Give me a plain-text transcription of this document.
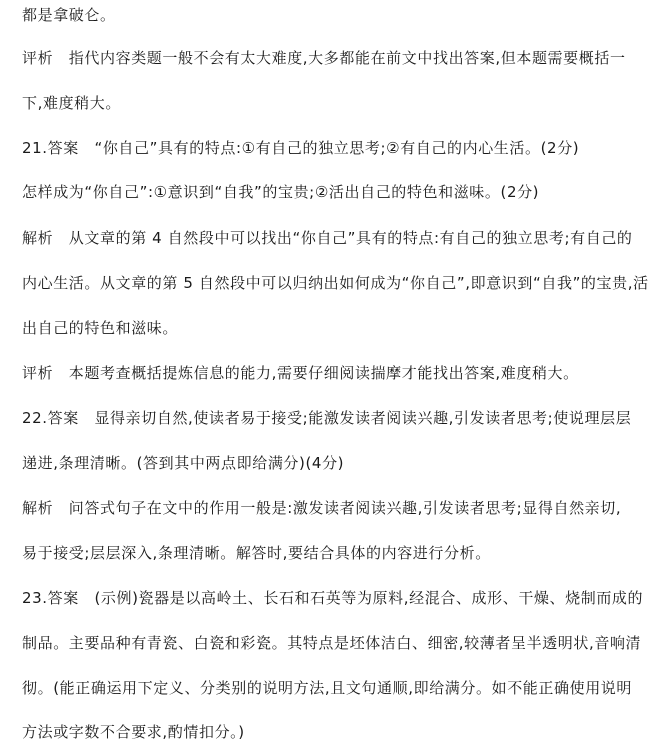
都是拿破仑。
评析　指代内容类题一般不会有太大难度,大多都能在前文中找出答案,但本题需要概括一
下,难度稍大。
21.答案　“你自己”具有的特点:①有自己的独立思考;②有自己的内心生活。(2分)
怎样成为“你自己”:①意识到“自我”的宝贵;②活出自己的特色和滋味。(2分)
解析　从文章的第 4 自然段中可以找出“你自己”具有的特点:有自己的独立思考;有自己的
内心生活。从文章的第 5 自然段中可以归纳出如何成为“你自己”,即意识到“自我”的宝贵,活
出自己的特色和滋味。
评析　本题考查概括提炼信息的能力,需要仔细阅读揣摩才能找出答案,难度稍大。
22.答案　显得亲切自然,使读者易于接受;能激发读者阅读兴趣,引发读者思考;使说理层层
递进,条理清晰。(答到其中两点即给满分)(4分)
解析　问答式句子在文中的作用一般是:激发读者阅读兴趣,引发读者思考;显得自然亲切,
易于接受;层层深入,条理清晰。解答时,要结合具体的内容进行分析。
23.答案　(示例)瓷器是以高岭土、长石和石英等为原料,经混合、成形、干燥、烧制而成的
制品。主要品种有青瓷、白瓷和彩瓷。其特点是坯体洁白、细密,较薄者呈半透明状,音响清
彻。(能正确运用下定义、分类别的说明方法,且文句通顺,即给满分。如不能正确使用说明
方法或字数不合要求,酌情扣分。)
